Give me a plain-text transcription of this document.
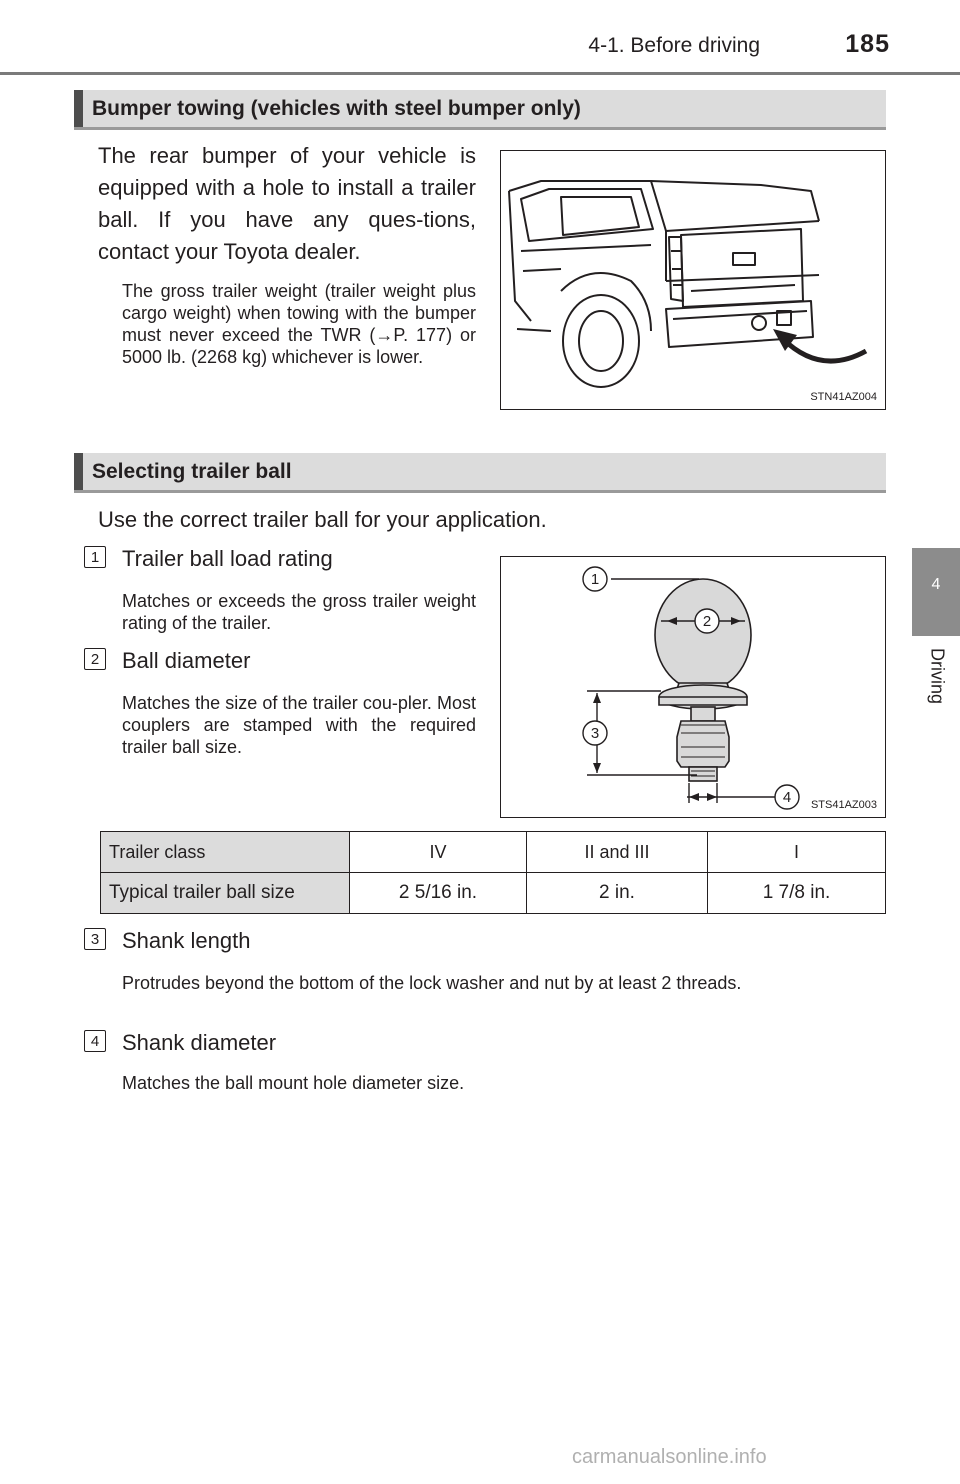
4-1. Before driving	185
4
Driving
Bumper towing (vehicles with steel bumper only)
The rear bumper of your vehicle is equipped with a hole to install a trailer ball. If you have any ques-tions, contact your Toyota dealer.
The gross trailer weight (trailer weight plus cargo weight) when towing with the bumper must never exceed the TWR (→P. 177) or 5000 lb. (2268 kg) whichever is lower.
STN41AZ004
Selecting trailer ball
Use the correct trailer ball for your application.
1	Trailer ball load rating
Matches or exceeds the gross trailer weight rating of the trailer.
2	Ball diameter
Matches the size of the trailer cou-pler. Most couplers are stamped with the required trailer ball size.
1
2
3
4 STS41AZ003
Trailer class	IV	II and III	I
Typical trailer ball size	2 5/16 in.	2 in.	1 7/8 in.
3	Shank length
Protrudes beyond the bottom of the lock washer and nut by at least 2 threads.
4	Shank diameter
Matches the ball mount hole diameter size.
carmanualsonline.info
